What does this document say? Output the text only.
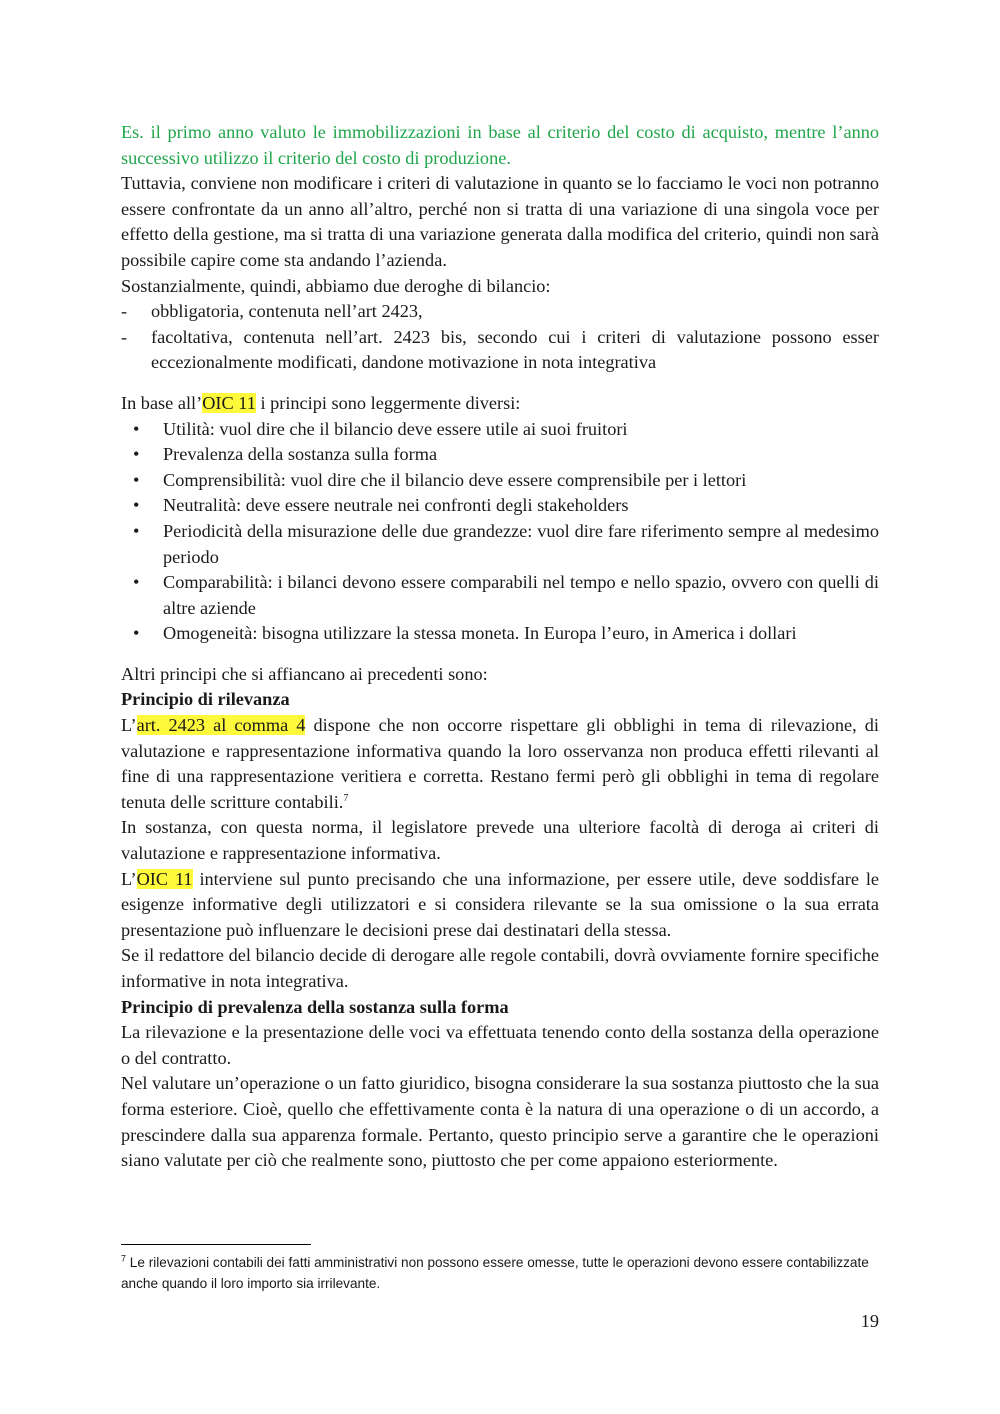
Es. il primo anno valuto le immobilizzazioni in base al criterio del costo di acquisto, mentre l’anno successivo utilizzo il criterio del costo di produzione.

Tuttavia, conviene non modificare i criteri di valutazione in quanto se lo facciamo le voci non potranno essere confrontate da un anno all’altro, perché non si tratta di una variazione di una singola voce per effetto della gestione, ma si tratta di una variazione generata dalla modifica del criterio, quindi non sarà possibile capire come sta andando l’azienda.

Sostanzialmente, quindi, abbiamo due deroghe di bilancio:

- obbligatoria, contenuta nell’art 2423,
- facoltativa, contenuta nell’art. 2423 bis, secondo cui i criteri di valutazione possono esser eccezionalmente modificati, dandone motivazione in nota integrativa

In base all’OIC 11 i principi sono leggermente diversi:

• Utilità: vuol dire che il bilancio deve essere utile ai suoi fruitori
• Prevalenza della sostanza sulla forma
• Comprensibilità: vuol dire che il bilancio deve essere comprensibile per i lettori
• Neutralità: deve essere neutrale nei confronti degli stakeholders
• Periodicità della misurazione delle due grandezze: vuol dire fare riferimento sempre al medesimo periodo
• Comparabilità: i bilanci devono essere comparabili nel tempo e nello spazio, ovvero con quelli di altre aziende
• Omogeneità: bisogna utilizzare la stessa moneta. In Europa l’euro, in America i dollari

Altri principi che si affiancano ai precedenti sono:

Principio di rilevanza

L’art. 2423 al comma 4 dispone che non occorre rispettare gli obblighi in tema di rilevazione, di valutazione e rappresentazione informativa quando la loro osservanza non produca effetti rilevanti al fine di una rappresentazione veritiera e corretta. Restano fermi però gli obblighi in tema di regolare tenuta delle scritture contabili.$^7$

In sostanza, con questa norma, il legislatore prevede una ulteriore facoltà di deroga ai criteri di valutazione e rappresentazione informativa.

L’OIC 11 interviene sul punto precisando che una informazione, per essere utile, deve soddisfare le esigenze informative degli utilizzatori e si considera rilevante se la sua omissione o la sua errata presentazione può influenzare le decisioni prese dai destinatari della stessa.

Se il redattore del bilancio decide di derogare alle regole contabili, dovrà ovviamente fornire specifiche informative in nota integrativa.

Principio di prevalenza della sostanza sulla forma

La rilevazione e la presentazione delle voci va effettuata tenendo conto della sostanza della operazione o del contratto.

Nel valutare un’operazione o un fatto giuridico, bisogna considerare la sua sostanza piuttosto che la sua forma esteriore. Cioè, quello che effettivamente conta è la natura di una operazione o di un accordo, a prescindere dalla sua apparenza formale. Pertanto, questo principio serve a garantire che le operazioni siano valutate per ciò che realmente sono, piuttosto che per come appaiono esteriormente.

$^7$ Le rilevazioni contabili dei fatti amministrativi non possono essere omesse, tutte le operazioni devono essere contabilizzate anche quando il loro importo sia irrilevante.
19
